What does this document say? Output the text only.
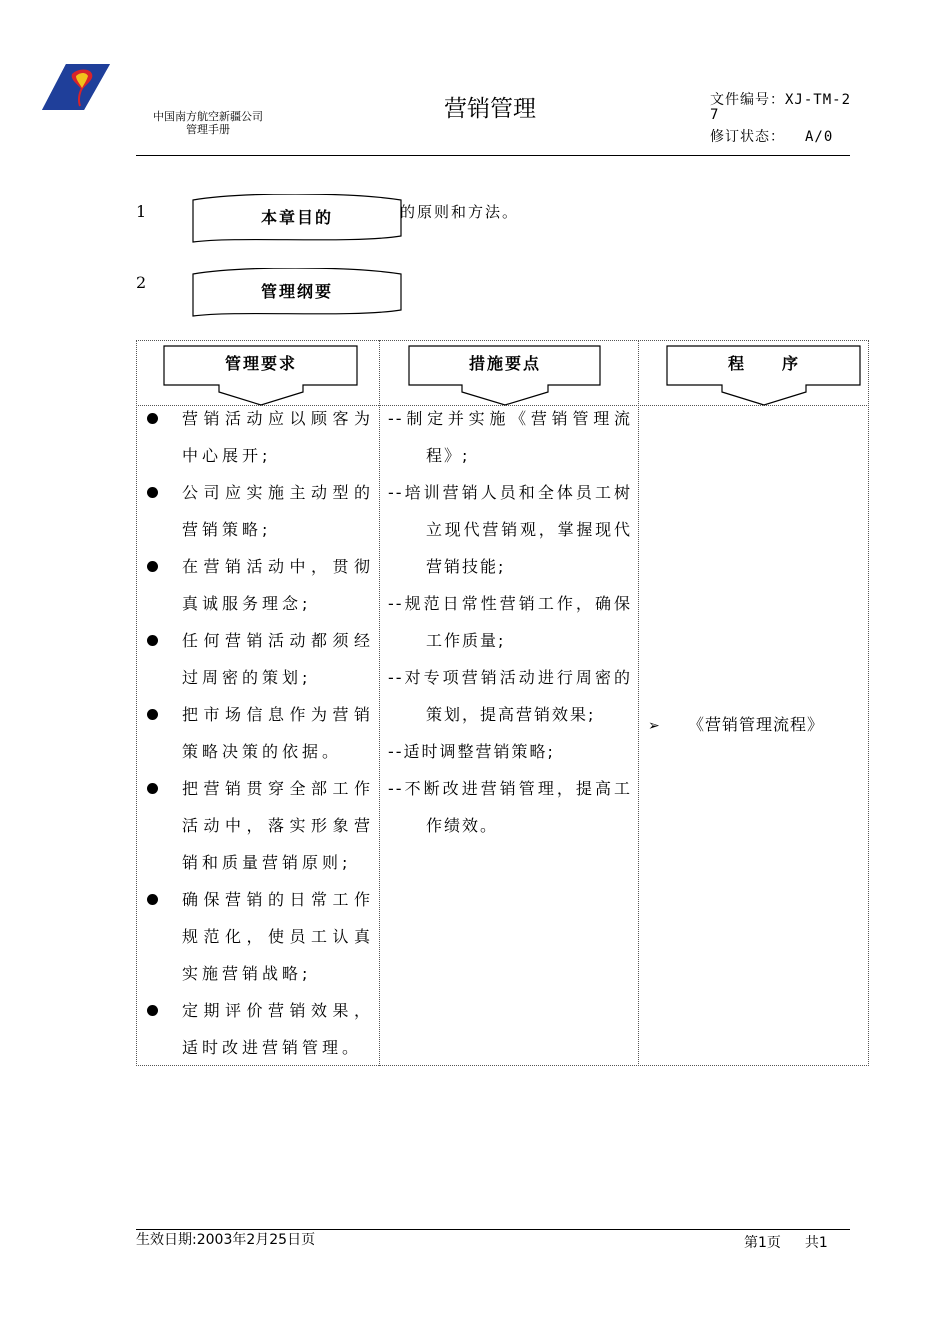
中国南方航空新疆公司
管理手册
营销管理	文件编号：XJ-TM-27
修订状态： A/0
1	本章目的	的原则和方法。
2	管理纲要
管理要求	措施要点	程　　序
营销活动应以顾客为中心展开;
公司应实施主动型的营销策略;
在营销活动中，贯彻真诚服务理念;
任何营销活动都须经过周密的策划;
把市场信息作为营销策略决策的依据。
把营销贯穿全部工作活动中，落实形象营销和质量营销原则;
确保营销的日常工作规范化，使员工认真实施营销战略;
定期评价营销效果，适时改进营销管理。
--制定并实施《营销管理流程》;
--培训营销人员和全体员工树立现代营销观，掌握现代营销技能;
--规范日常性营销工作，确保工作质量;
--对专项营销活动进行周密的策划，提高营销效果;
--适时调整营销策略;
--不断改进营销管理，提高工作绩效。
➢ 《营销管理流程》
生效日期:2003年2月25日页	第1页 共1
